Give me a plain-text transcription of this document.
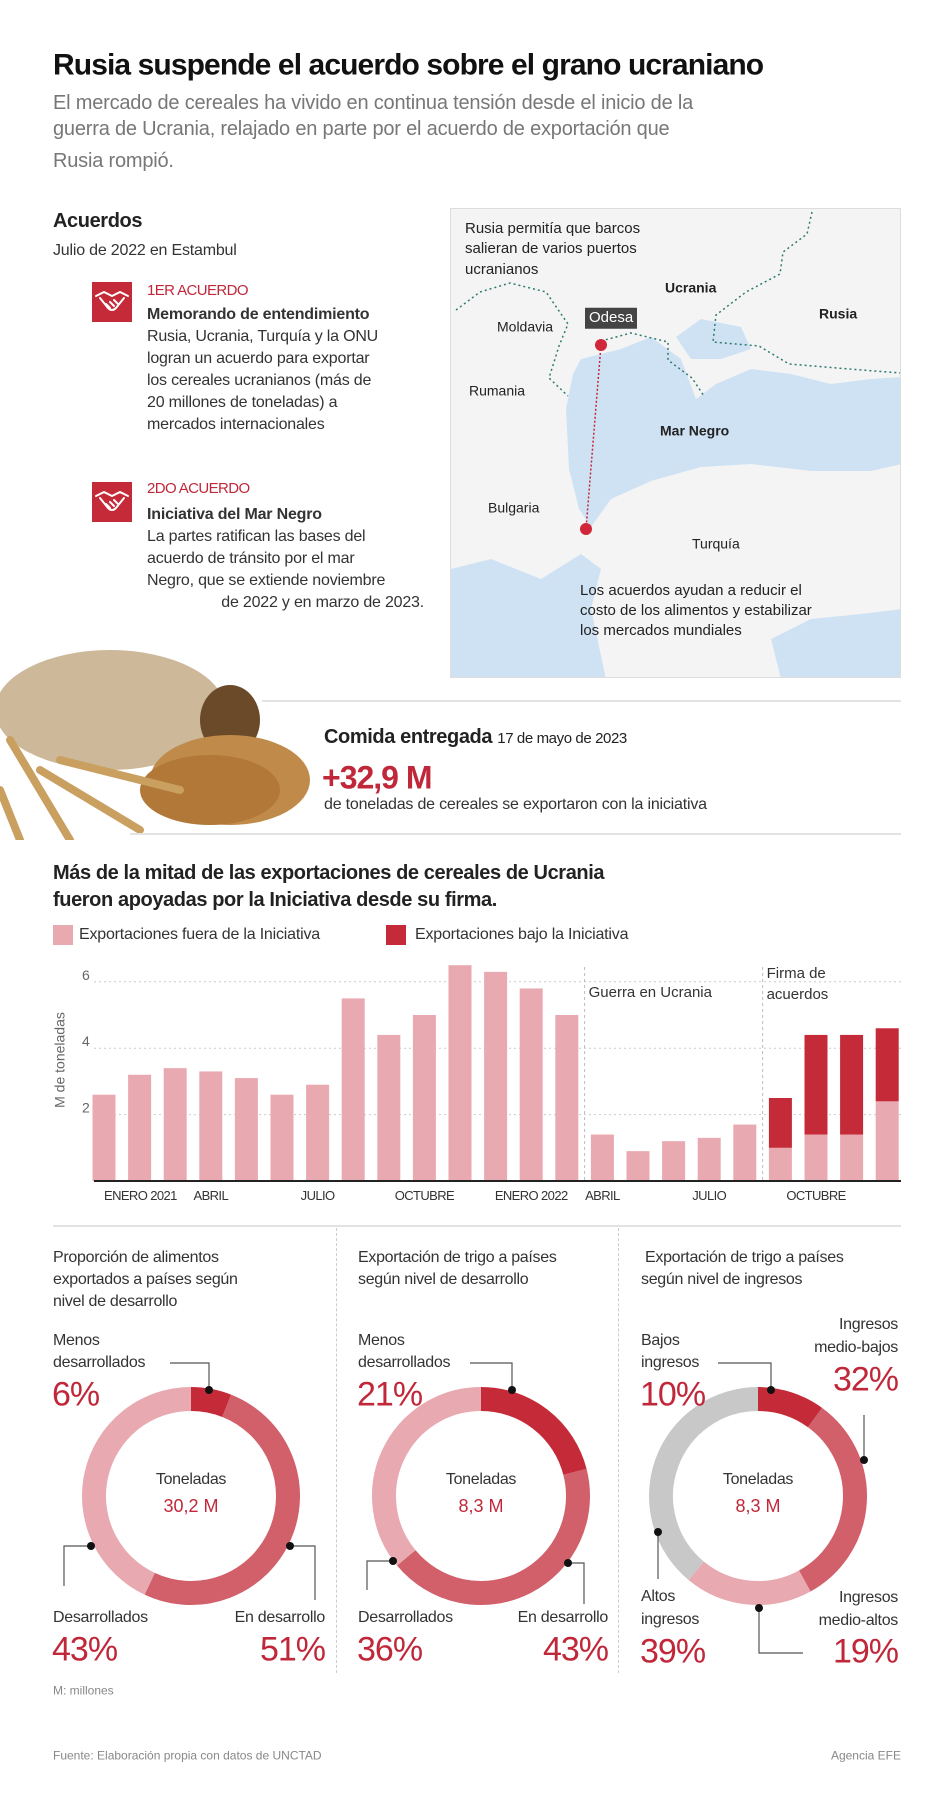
Rusia suspende el acuerdo sobre el grano ucraniano
El mercado de cereales ha vivido en continua tensión desde el inicio de la
guerra de Ucrania, relajado en parte por el acuerdo de exportación que
Rusia rompió.
Acuerdos
Julio de 2022 en Estambul
1ER ACUERDO
Memorando de entendimiento
Rusia, Ucrania, Turquía y la ONU
logran un acuerdo para exportar
los cereales ucranianos (más de
20 millones de toneladas) a
mercados internacionales
2DO ACUERDO
Iniciativa del Mar Negro
La partes ratifican las bases del
acuerdo de tránsito por el mar
Negro, que se extiende noviembre
de 2022 y en marzo de 2023.
Rusia permitía que barcos
salieran de varios puertos
ucranianos
Ucrania
Rusia
Odesa
Moldavia
Rumania
Mar Negro
Bulgaria
Turquía
Los acuerdos ayudan a reducir el
costo de los alimentos y estabilizar
los mercados mundiales
Comida entregada 17 de mayo de 2023
+32,9 M
de toneladas de cereales se exportaron con la iniciativa
Más de la mitad de las exportaciones de cereales de Ucrania
fueron apoyadas por la Iniciativa desde su firma.
Exportaciones fuera de la Iniciativa	Exportaciones bajo la Iniciativa
M de toneladas 2
4
6
Guerra en Ucrania
Firma de
acuerdos
ENERO 2021 ABRIL	JULIO	OCTUBRE	ENERO 2022 ABRIL	JULIO	OCTUBRE
Proporción de alimentos
exportados a países según
nivel de desarrollo
Menos
desarrollados
6%
Desarrollados
43%
En desarrollo
51%
Toneladas
30,2 M
Exportación de trigo a países
según nivel de desarrollo
Menos
desarrollados
21%
Desarrollados
36%
En desarrollo
43%
Toneladas
8,3 M
Exportación de trigo a países
según nivel de ingresos
Bajos
ingresos
10%
Ingresos
medio-bajos
32%
Altos
ingresos
39%
Ingresos
medio-altos
19%
Toneladas
8,3 M
M: millones
Fuente: Elaboración propia con datos de UNCTAD	Agencia EFE
